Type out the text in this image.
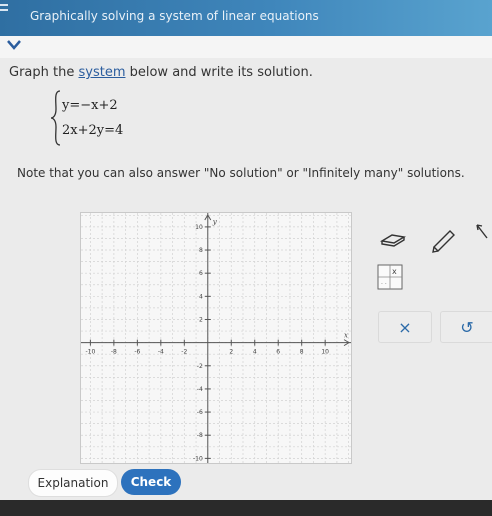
Graphically solving a system of linear equations
Graph the system below and write its solution.
y=−x+2
2x+2y=4
Note that you can also answer "No solution" or "Infinitely many" solutions.
-10	-8	-6	-4	-2	2	4	6	8	10
10
8
6
4
2
-2
-4
-6
-8
-10
x
y
x
· ·
×	↺
Explanation	Check
